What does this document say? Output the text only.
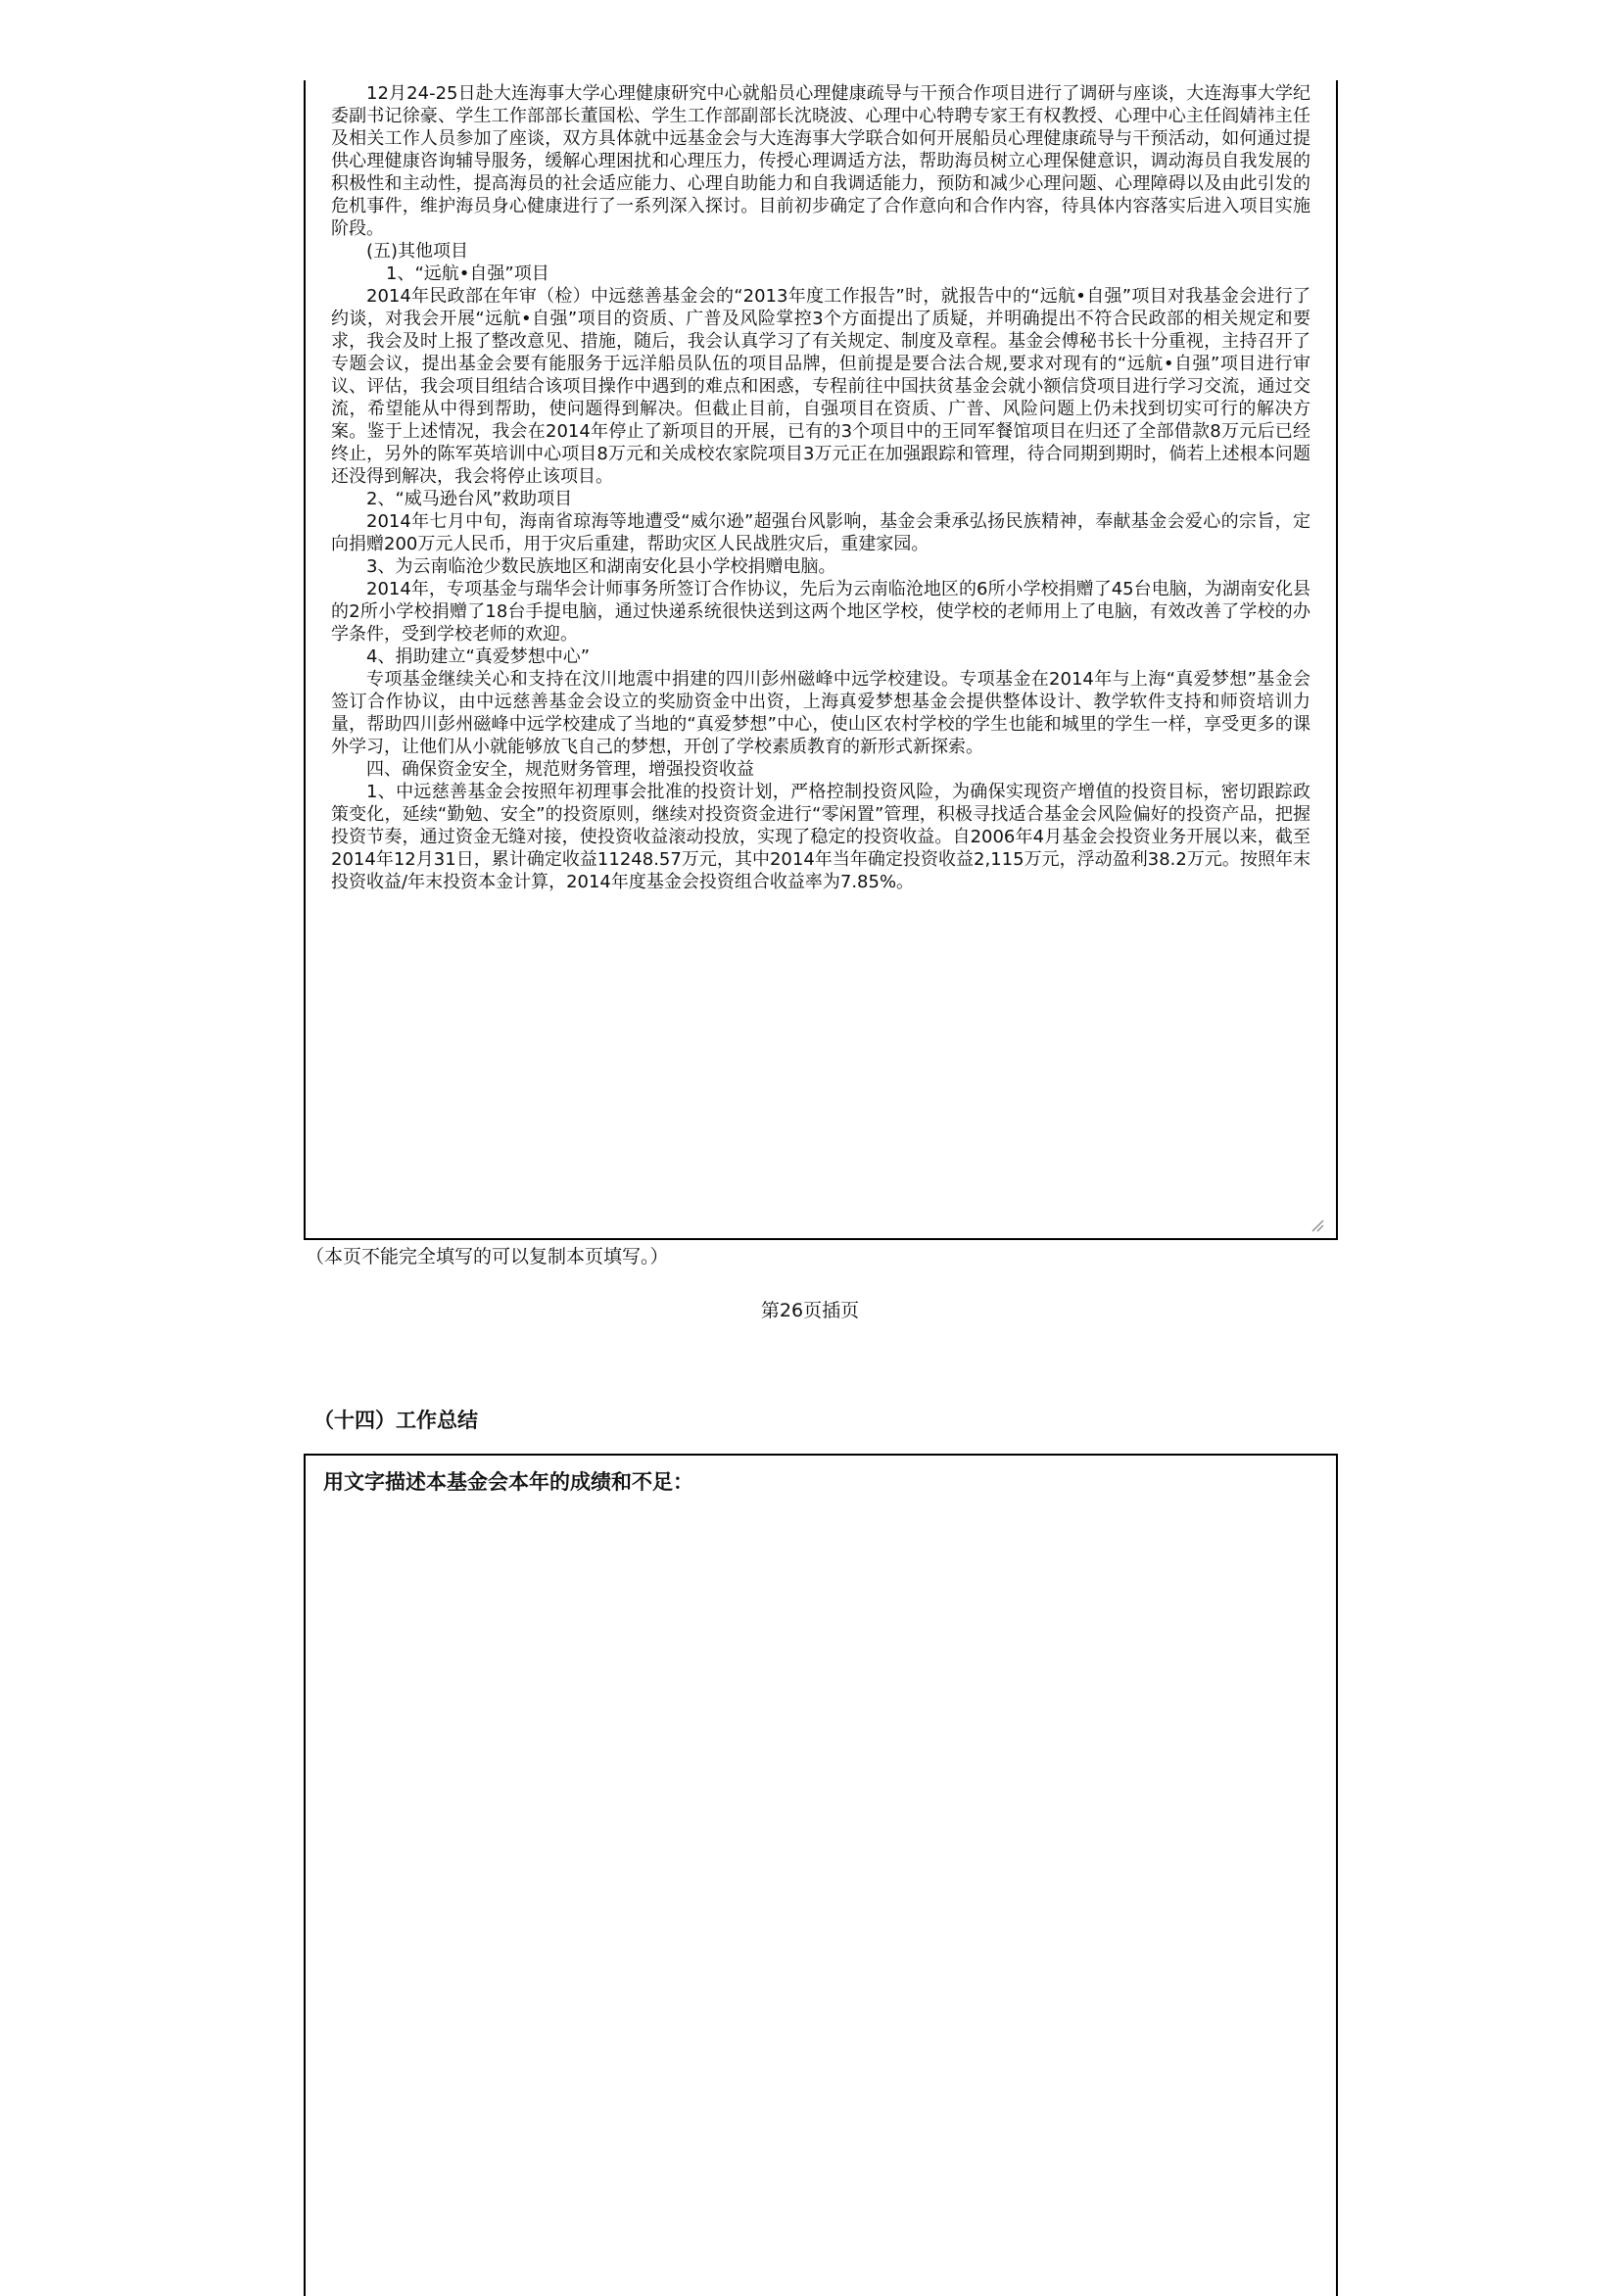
12月24-25日赴大连海事大学心理健康研究中心就船员心理健康疏导与干预合作项目进行了调研与座谈，大连海事大学纪委副书记徐豪、学生工作部部长董国松、学生工作部副部长沈晓波、心理中心特聘专家王有权教授、心理中心主任阎婧祎主任及相关工作人员参加了座谈，双方具体就中远基金会与大连海事大学联合如何开展船员心理健康疏导与干预活动，如何通过提供心理健康咨询辅导服务，缓解心理困扰和心理压力，传授心理调适方法，帮助海员树立心理保健意识，调动海员自我发展的积极性和主动性，提高海员的社会适应能力、心理自助能力和自我调适能力，预防和减少心理问题、心理障碍以及由此引发的危机事件，维护海员身心健康进行了一系列深入探讨。目前初步确定了合作意向和合作内容，待具体内容落实后进入项目实施阶段。

(五)其他项目

1、“远航•自强”项目

2014年民政部在年审（检）中远慈善基金会的“2013年度工作报告”时，就报告中的“远航•自强”项目对我基金会进行了约谈，对我会开展“远航•自强”项目的资质、广普及风险掌控3个方面提出了质疑，并明确提出不符合民政部的相关规定和要求，我会及时上报了整改意见、措施，随后，我会认真学习了有关规定、制度及章程。基金会傅秘书长十分重视，主持召开了专题会议，提出基金会要有能服务于远洋船员队伍的项目品牌，但前提是要合法合规,要求对现有的“远航•自强”项目进行审议、评估，我会项目组结合该项目操作中遇到的难点和困惑，专程前往中国扶贫基金会就小额信贷项目进行学习交流，通过交流，希望能从中得到帮助，使问题得到解决。但截止目前，自强项目在资质、广普、风险问题上仍未找到切实可行的解决方案。鉴于上述情况，我会在2014年停止了新项目的开展，已有的3个项目中的王同军餐馆项目在归还了全部借款8万元后已经终止，另外的陈军英培训中心项目8万元和关成校农家院项目3万元正在加强跟踪和管理，待合同期到期时，倘若上述根本问题还没得到解决，我会将停止该项目。

2、“威马逊台风”救助项目

2014年七月中旬，海南省琼海等地遭受“威尔逊”超强台风影响，基金会秉承弘扬民族精神，奉献基金会爱心的宗旨，定向捐赠200万元人民币，用于灾后重建，帮助灾区人民战胜灾后，重建家园。

3、为云南临沧少数民族地区和湖南安化县小学校捐赠电脑。

2014年，专项基金与瑞华会计师事务所签订合作协议，先后为云南临沧地区的6所小学校捐赠了45台电脑，为湖南安化县的2所小学校捐赠了18台手提电脑，通过快递系统很快送到这两个地区学校，使学校的老师用上了电脑，有效改善了学校的办学条件，受到学校老师的欢迎。

4、捐助建立“真爱梦想中心”

专项基金继续关心和支持在汶川地震中捐建的四川彭州磁峰中远学校建设。专项基金在2014年与上海“真爱梦想”基金会签订合作协议，由中远慈善基金会设立的奖励资金中出资，上海真爱梦想基金会提供整体设计、教学软件支持和师资培训力量，帮助四川彭州磁峰中远学校建成了当地的“真爱梦想”中心，使山区农村学校的学生也能和城里的学生一样，享受更多的课外学习，让他们从小就能够放飞自己的梦想，开创了学校素质教育的新形式新探索。

四、确保资金安全，规范财务管理，增强投资收益

1、中远慈善基金会按照年初理事会批准的投资计划，严格控制投资风险，为确保实现资产增值的投资目标，密切跟踪政策变化，延续“勤勉、安全”的投资原则，继续对投资资金进行“零闲置”管理，积极寻找适合基金会风险偏好的投资产品，把握投资节奏，通过资金无缝对接，使投资收益滚动投放，实现了稳定的投资收益。自2006年4月基金会投资业务开展以来，截至2014年12月31日，累计确定收益11248.57万元，其中2014年当年确定投资收益2,115万元，浮动盈利38.2万元。按照年末投资收益/年末投资本金计算，2014年度基金会投资组合收益率为7.85%。

（本页不能完全填写的可以复制本页填写。）
第26页插页
（十四）工作总结
用文字描述本基金会本年的成绩和不足：
